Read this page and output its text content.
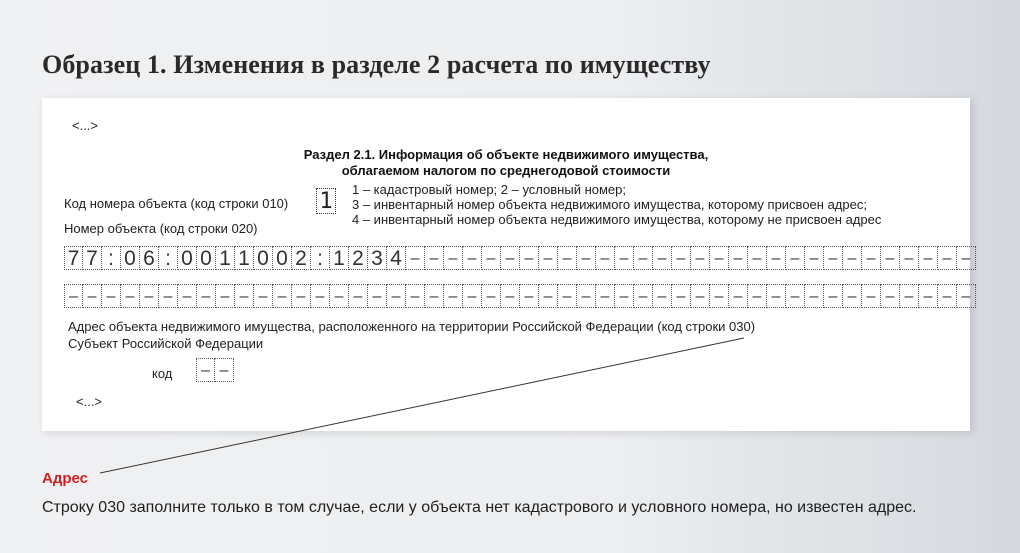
Образец 1. Изменения в разделе 2 расчета по имуществу
<...>
Раздел 2.1. Информация об объекте недвижимого имущества,
облагаемом налогом по среднегодовой стоимости
Код номера объекта (код строки 010) 1 1 – кадастровый номер; 2 – условный номер;
3 – инвентарный номер объекта недвижимого имущества, которому присвоен адрес;
4 – инвентарный номер объекта недвижимого имущества, которому не присвоен адрес
Номер объекта (код строки 020)
7 7 : 0 6 : 0 0 1 1 0 0 2 : 1 2 3 4 – – – – – – – – – – – – – – – – – – – – – – – – – – – – – –
– – – – – – – – – – – – – – – – – – – – – – – – – – – – – – – – – – – – – – – – – – – – – – – –
Адрес объекта недвижимого имущества, расположенного на территории Российской Федерации (код строки 030)
Субъект Российской Федерации
код	– –
<...>
Адрес
Строку 030 заполните только в том случае, если у объекта нет кадастрового и условного номера, но известен адрес.
